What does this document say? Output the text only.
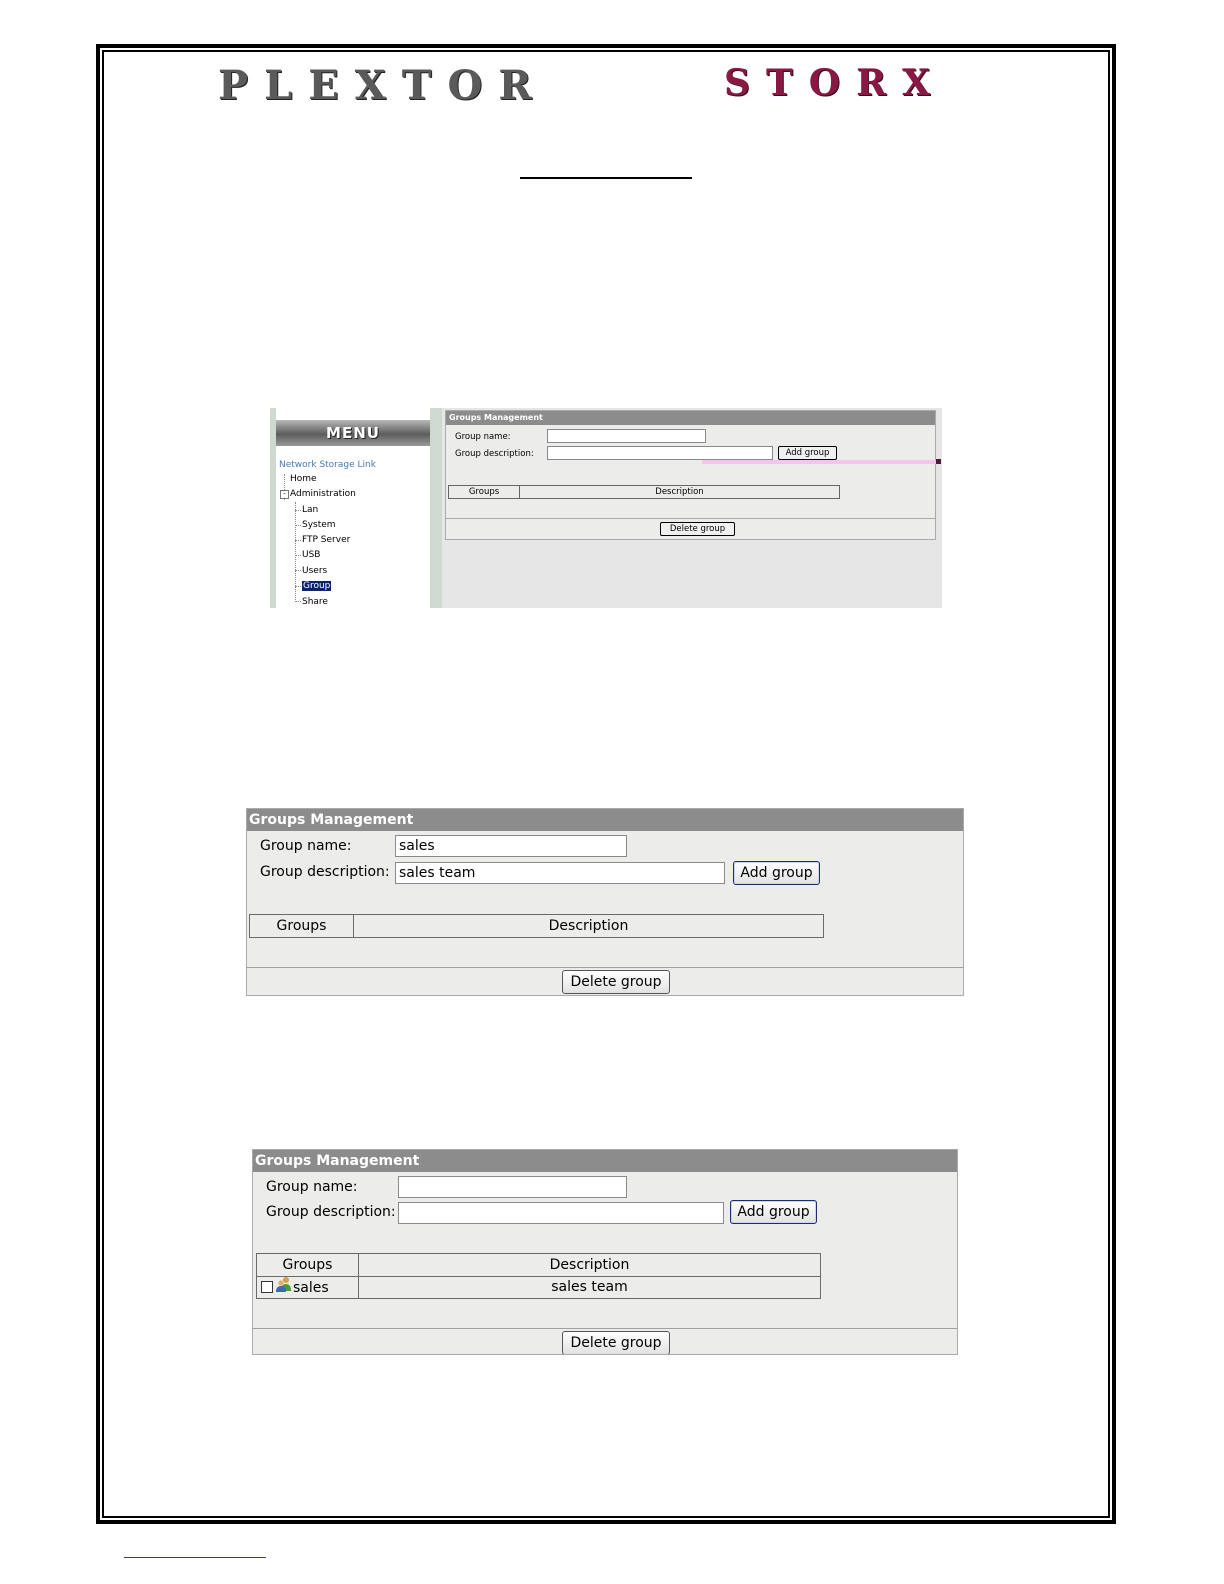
PLEXTOR	STORX
MENU
Network Storage Link
Home
- Administration
Lan
System
FTP Server
USB
Users
Group
Share
Groups Management
Group name:
Group description:	Add group
Groups	Description
Delete group
Groups Management
Group name:	sales
Group description: sales team	Add group
Groups	Description
Delete group
Groups Management
Group name:
Group description:	Add group
Groups	Description
sales	sales team
Delete group
